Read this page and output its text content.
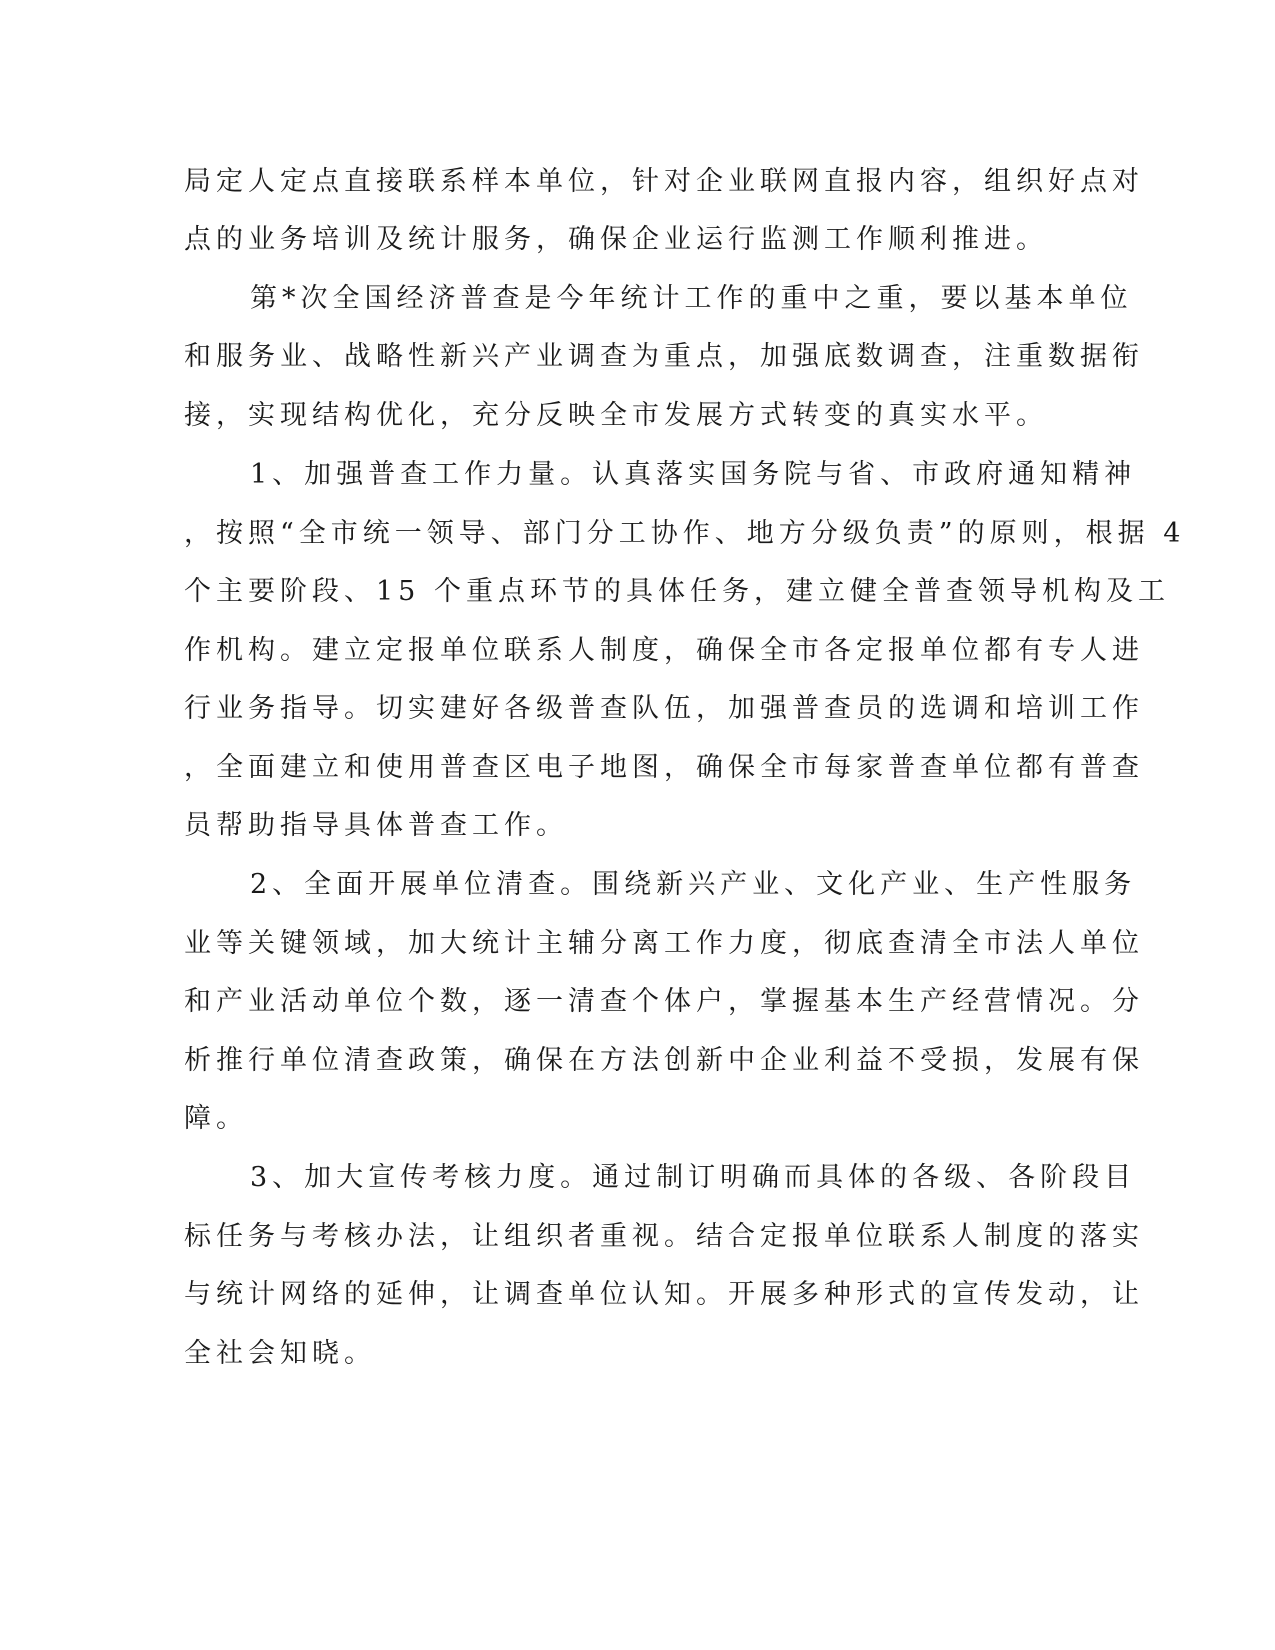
局定人定点直接联系样本单位，针对企业联网直报内容，组织好点对

点的业务培训及统计服务，确保企业运行监测工作顺利推进。

第*次全国经济普查是今年统计工作的重中之重，要以基本单位

和服务业、战略性新兴产业调查为重点，加强底数调查，注重数据衔

接，实现结构优化，充分反映全市发展方式转变的真实水平。

1、加强普查工作力量。认真落实国务院与省、市政府通知精神

，按照“全市统一领导、部门分工协作、地方分级负责”的原则，根据 4

个主要阶段、15 个重点环节的具体任务，建立健全普查领导机构及工

作机构。建立定报单位联系人制度，确保全市各定报单位都有专人进

行业务指导。切实建好各级普查队伍，加强普查员的选调和培训工作

，全面建立和使用普查区电子地图，确保全市每家普查单位都有普查

员帮助指导具体普查工作。

2、全面开展单位清查。围绕新兴产业、文化产业、生产性服务

业等关键领域，加大统计主辅分离工作力度，彻底查清全市法人单位

和产业活动单位个数，逐一清查个体户，掌握基本生产经营情况。分

析推行单位清查政策，确保在方法创新中企业利益不受损，发展有保

障。

3、加大宣传考核力度。通过制订明确而具体的各级、各阶段目

标任务与考核办法，让组织者重视。结合定报单位联系人制度的落实

与统计网络的延伸，让调查单位认知。开展多种形式的宣传发动，让

全社会知晓。
